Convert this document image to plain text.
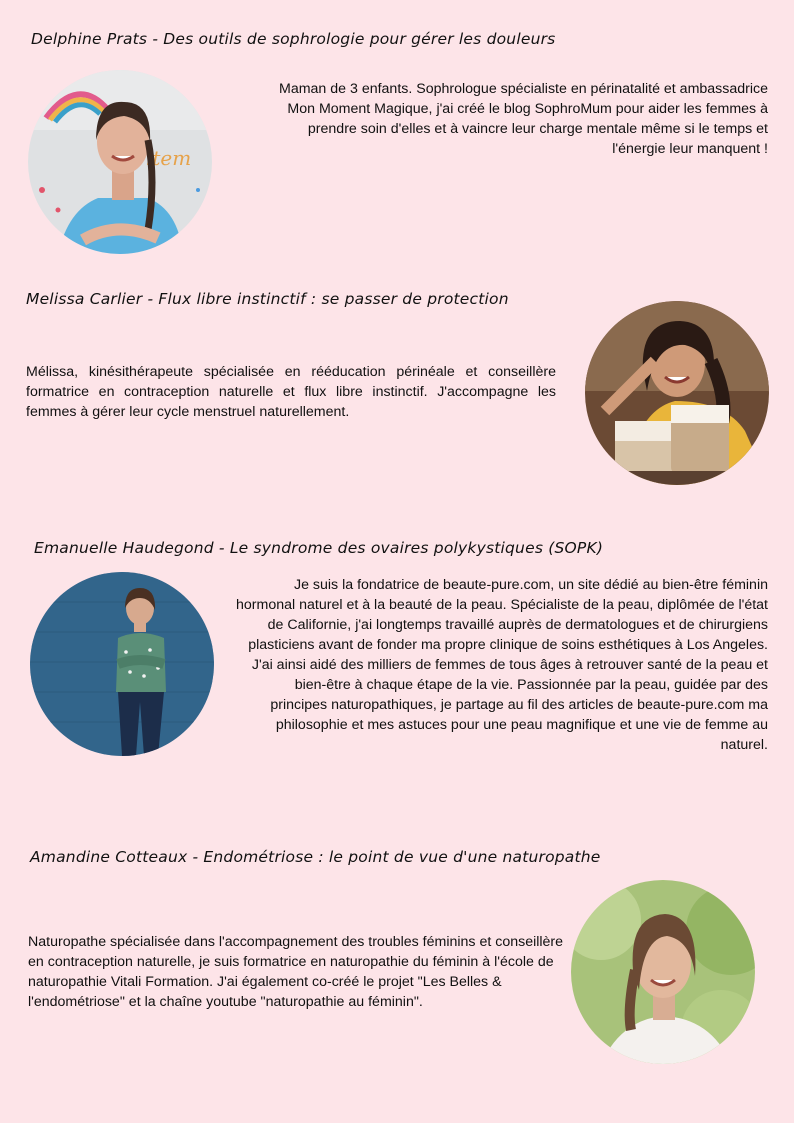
Delphine Prats - Des outils de sophrologie pour gérer les douleurs
item

Maman de 3 enfants. Sophrologue spécialiste en périnatalité et ambassadrice Mon Moment Magique, j'ai créé le blog SophroMum pour aider les femmes à prendre soin d'elles et à vaincre leur charge mentale même si le temps et l'énergie leur manquent !

Melissa Carlier - Flux libre instinctif : se passer de protection

Mélissa, kinésithérapeute spécialisée en rééducation périnéale et conseillère formatrice en contraception naturelle et flux libre instinctif. J'accompagne les femmes à gérer leur cycle menstruel naturellement.

Emanuelle Haudegond - Le syndrome des ovaires polykystiques (SOPK)

Je suis la fondatrice de beaute-pure.com, un site dédié au bien-être féminin hormonal naturel et à la beauté de la peau. Spécialiste de la peau, diplômée de l'état de Californie, j'ai longtemps travaillé auprès de dermatologues et de chirurgiens plasticiens avant de fonder ma propre clinique de soins esthétiques à Los Angeles. J'ai ainsi aidé des milliers de femmes de tous âges à retrouver santé de la peau et bien-être à chaque étape de la vie. Passionnée par la peau, guidée par des principes naturopathiques, je partage au fil des articles de beaute-pure.com ma philosophie et mes astuces pour une peau magnifique et une vie de femme au naturel.

Amandine Cotteaux - Endométriose : le point de vue d'une naturopathe

Naturopathe spécialisée dans l'accompagnement des troubles féminins et conseillère en contraception naturelle, je suis formatrice en naturopathie du féminin à l'école de naturopathie Vitali Formation. J'ai également co-créé le projet "Les Belles & l'endométriose" et la chaîne youtube "naturopathie au féminin".
